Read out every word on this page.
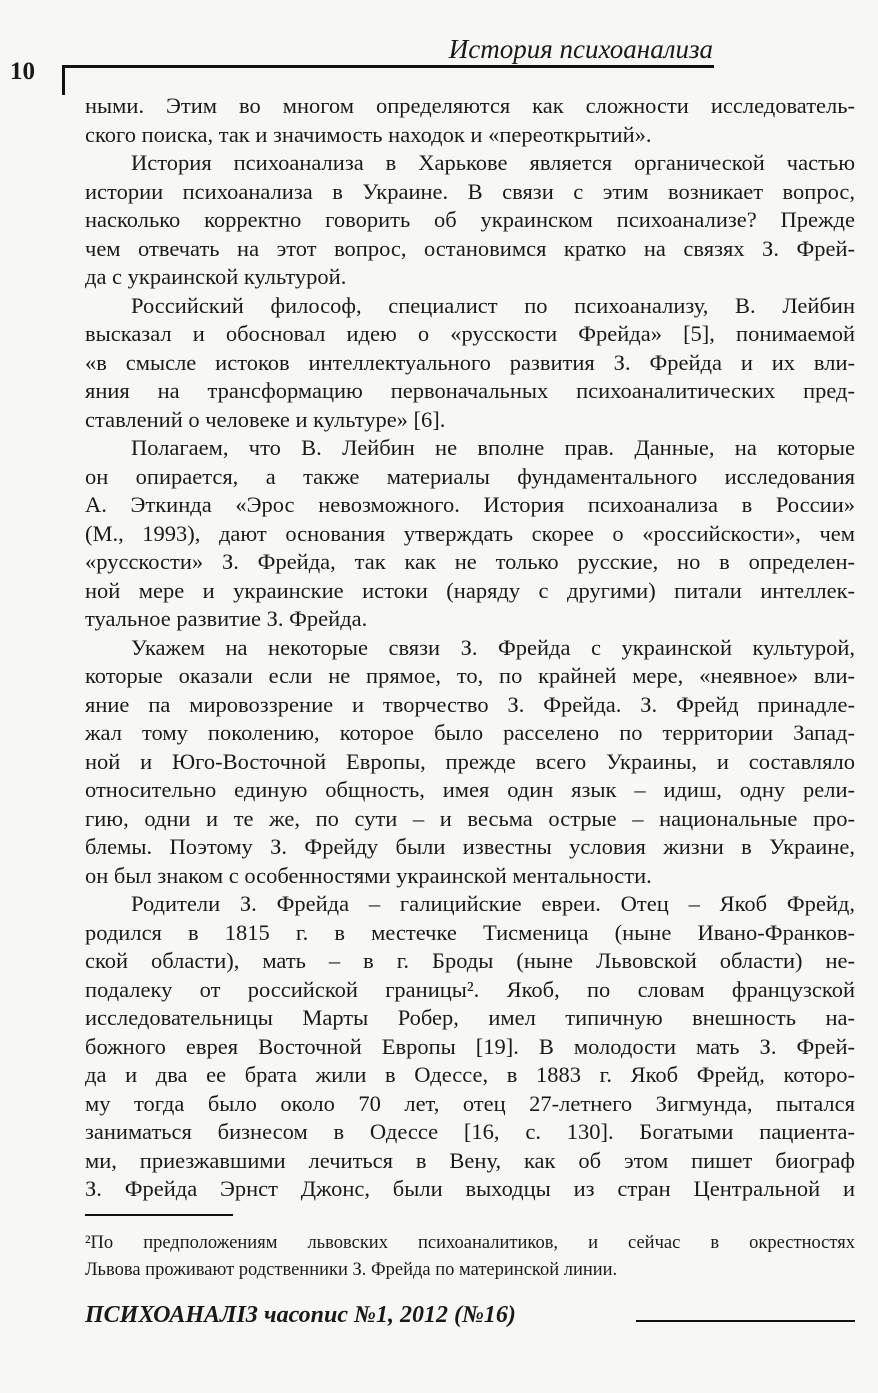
10
История психоанализа
ными. Этим во многом определяются как сложности исследователь-
ского поиска, так и значимость находок и «переоткрытий».
История психоанализа в Харькове является органической частью
истории психоанализа в Украине. В связи с этим возникает вопрос,
насколько корректно говорить об украинском психоанализе? Прежде
чем отвечать на этот вопрос, остановимся кратко на связях З. Фрей-
да с украинской культурой.
Российский философ, специалист по психоанализу, В. Лейбин
высказал и обосновал идею о «русскости Фрейда» [5], понимаемой
«в смысле истоков интеллектуального развития З. Фрейда и их вли-
яния на трансформацию первоначальных психоаналитических пред-
ставлений о человеке и культуре» [6].
Полагаем, что В. Лейбин не вполне прав. Данные, на которые
он опирается, а также материалы фундаментального исследования
А. Эткинда «Эрос невозможного. История психоанализа в России»
(М., 1993), дают основания утверждать скорее о «российскости», чем
«русскости» З. Фрейда, так как не только русские, но в определен-
ной мере и украинские истоки (наряду с другими) питали интеллек-
туальное развитие З. Фрейда.
Укажем на некоторые связи З. Фрейда с украинской культурой,
которые оказали если не прямое, то, по крайней мере, «неявное» вли-
яние па мировоззрение и творчество З. Фрейда. З. Фрейд принадле-
жал тому поколению, которое было расселено по территории Запад-
ной и Юго-Восточной Европы, прежде всего Украины, и составляло
относительно единую общность, имея один язык – идиш, одну рели-
гию, одни и те же, по сути – и весьма острые – национальные про-
блемы. Поэтому З. Фрейду были известны условия жизни в Украине,
он был знаком с особенностями украинской ментальности.
Родители З. Фрейда – галицийские евреи. Отец – Якоб Фрейд,
родился в 1815 г. в местечке Тисменица (ныне Ивано-Франков-
ской области), мать – в г. Броды (ныне Львовской области) не-
подалеку от российской границы². Якоб, по словам французской
исследовательницы Марты Робер, имел типичную внешность на-
божного еврея Восточной Европы [19]. В молодости мать З. Фрей-
да и два ее брата жили в Одессе, в 1883 г. Якоб Фрейд, которо-
му тогда было около 70 лет, отец 27-летнего Зигмунда, пытался
заниматься бизнесом в Одессе [16, с. 130]. Богатыми пациента-
ми, приезжавшими лечиться в Вену, как об этом пишет биограф
З. Фрейда Эрнст Джонс, были выходцы из стран Центральной и
²По предположениям львовских психоаналитиков, и сейчас в окрестностях
Львова проживают родственники З. Фрейда по материнской линии.
ПСИХОАНАЛІЗ часопис №1, 2012 (№16)
